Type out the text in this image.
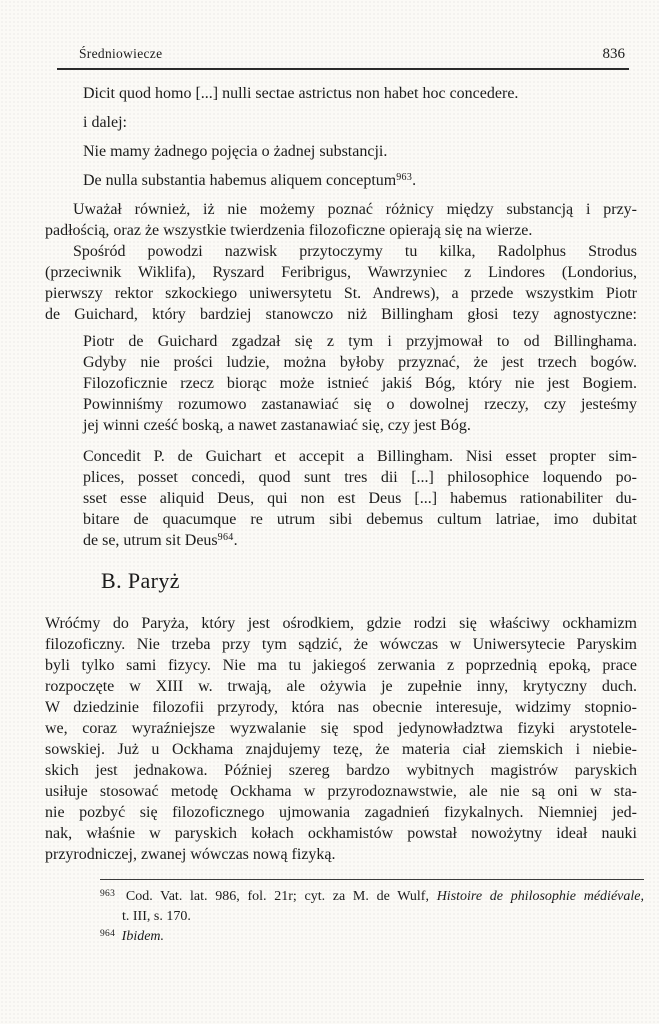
Średniowiecze	836
Dicit quod homo [...] nulli sectae astrictus non habet hoc concedere.
i dalej:
Nie mamy żadnego pojęcia o żadnej substancji.
De nulla substantia habemus aliquem conceptum$^{963}$.
Uważał również, iż nie możemy poznać różnicy między substancją i przy-
padłością, oraz że wszystkie twierdzenia filozoficzne opierają się na wierze.
Spośród powodzi nazwisk przytoczymy tu kilka, Radolphus Strodus
(przeciwnik Wiklifa), Ryszard Feribrigus, Wawrzyniec z Lindores (Londorius,
pierwszy rektor szkockiego uniwersytetu St. Andrews), a przede wszystkim Piotr
de Guichard, który bardziej stanowczo niż Billingham głosi tezy agnostyczne:
Piotr de Guichard zgadzał się z tym i przyjmował to od Billinghama.
Gdyby nie prości ludzie, można byłoby przyznać, że jest trzech bogów.
Filozoficznie rzecz biorąc może istnieć jakiś Bóg, który nie jest Bogiem.
Powinniśmy rozumowo zastanawiać się o dowolnej rzeczy, czy jesteśmy
jej winni cześć boską, a nawet zastanawiać się, czy jest Bóg.
Concedit P. de Guichart et accepit a Billingham. Nisi esset propter sim-
plices, posset concedi, quod sunt tres dii [...] philosophice loquendo po-
sset esse aliquid Deus, qui non est Deus [...] habemus rationabiliter du-
bitare de quacumque re utrum sibi debemus cultum latriae, imo dubitat
de se, utrum sit Deus$^{964}$.
B. Paryż
Wróćmy do Paryża, który jest ośrodkiem, gdzie rodzi się właściwy ockhamizm
filozoficzny. Nie trzeba przy tym sądzić, że wówczas w Uniwersytecie Paryskim
byli tylko sami fizycy. Nie ma tu jakiegoś zerwania z poprzednią epoką, prace
rozpoczęte w XIII w. trwają, ale ożywia je zupełnie inny, krytyczny duch.
W dziedzinie filozofii przyrody, która nas obecnie interesuje, widzimy stopnio-
we, coraz wyraźniejsze wyzwalanie się spod jedynowładztwa fizyki arystotele-
sowskiej. Już u Ockhama znajdujemy tezę, że materia ciał ziemskich i niebie-
skich jest jednakowa. Później szereg bardzo wybitnych magistrów paryskich
usiłuje stosować metodę Ockhama w przyrodoznawstwie, ale nie są oni w sta-
nie pozbyć się filozoficznego ujmowania zagadnień fizykalnych. Niemniej jed-
nak, właśnie w paryskich kołach ockhamistów powstał nowożytny ideał nauki
przyrodniczej, zwanej wówczas nową fizyką.
$^{963}$ Cod. Vat. lat. 986, fol. 21r; cyt. za M. de Wulf, Histoire de philosophie médiévale,
t. III, s. 170.
$^{964}$ Ibidem.
